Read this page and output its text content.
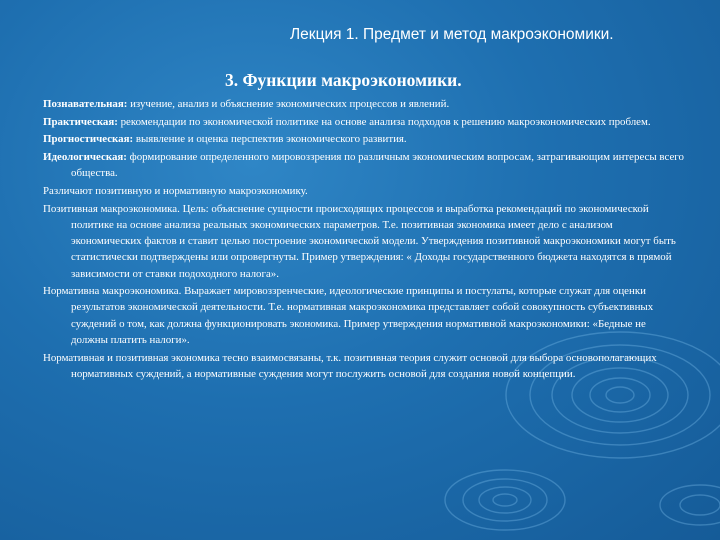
Лекция 1. Предмет и метод макроэкономики.
3. Функции макроэкономики.

Познавательная: изучение, анализ и объяснение экономических процессов и явлений.

Практическая: рекомендации по экономической политике на основе анализа подходов к решению макроэкономических проблем.

Прогностическая: выявление и оценка перспектив экономического развития.

Идеологическая: формирование определенного мировоззрения по различным экономическим вопросам, затрагивающим интересы всего общества.

Различают позитивную и нормативную макроэкономику.

Позитивная макроэкономика. Цель: объяснение сущности происходящих процессов и выработка рекомендаций по экономической политике на основе анализа реальных экономических параметров. Т.е. позитивная экономика имеет дело с анализом экономических фактов и ставит целью построение экономической модели. Утверждения позитивной макроэкономики могут быть статистически подтверждены или опровергнуты. Пример утверждения: « Доходы государственного бюджета находятся в прямой зависимости от ставки подоходного налога».

Нормативна макроэкономика. Выражает мировоззренческие, идеологические принципы и постулаты, которые служат для оценки результатов экономической деятельности. Т.е. нормативная макроэкономика представляет собой совокупность субъективных суждений о том, как должна функционировать экономика. Пример утверждения нормативной макроэкономики: «Бедные не должны платить налоги».

Нормативная и позитивная экономика тесно взаимосвязаны, т.к. позитивная теория служит основой для выбора основополагающих нормативных суждений, а нормативные суждения могут послужить основой для создания новой концепции.
